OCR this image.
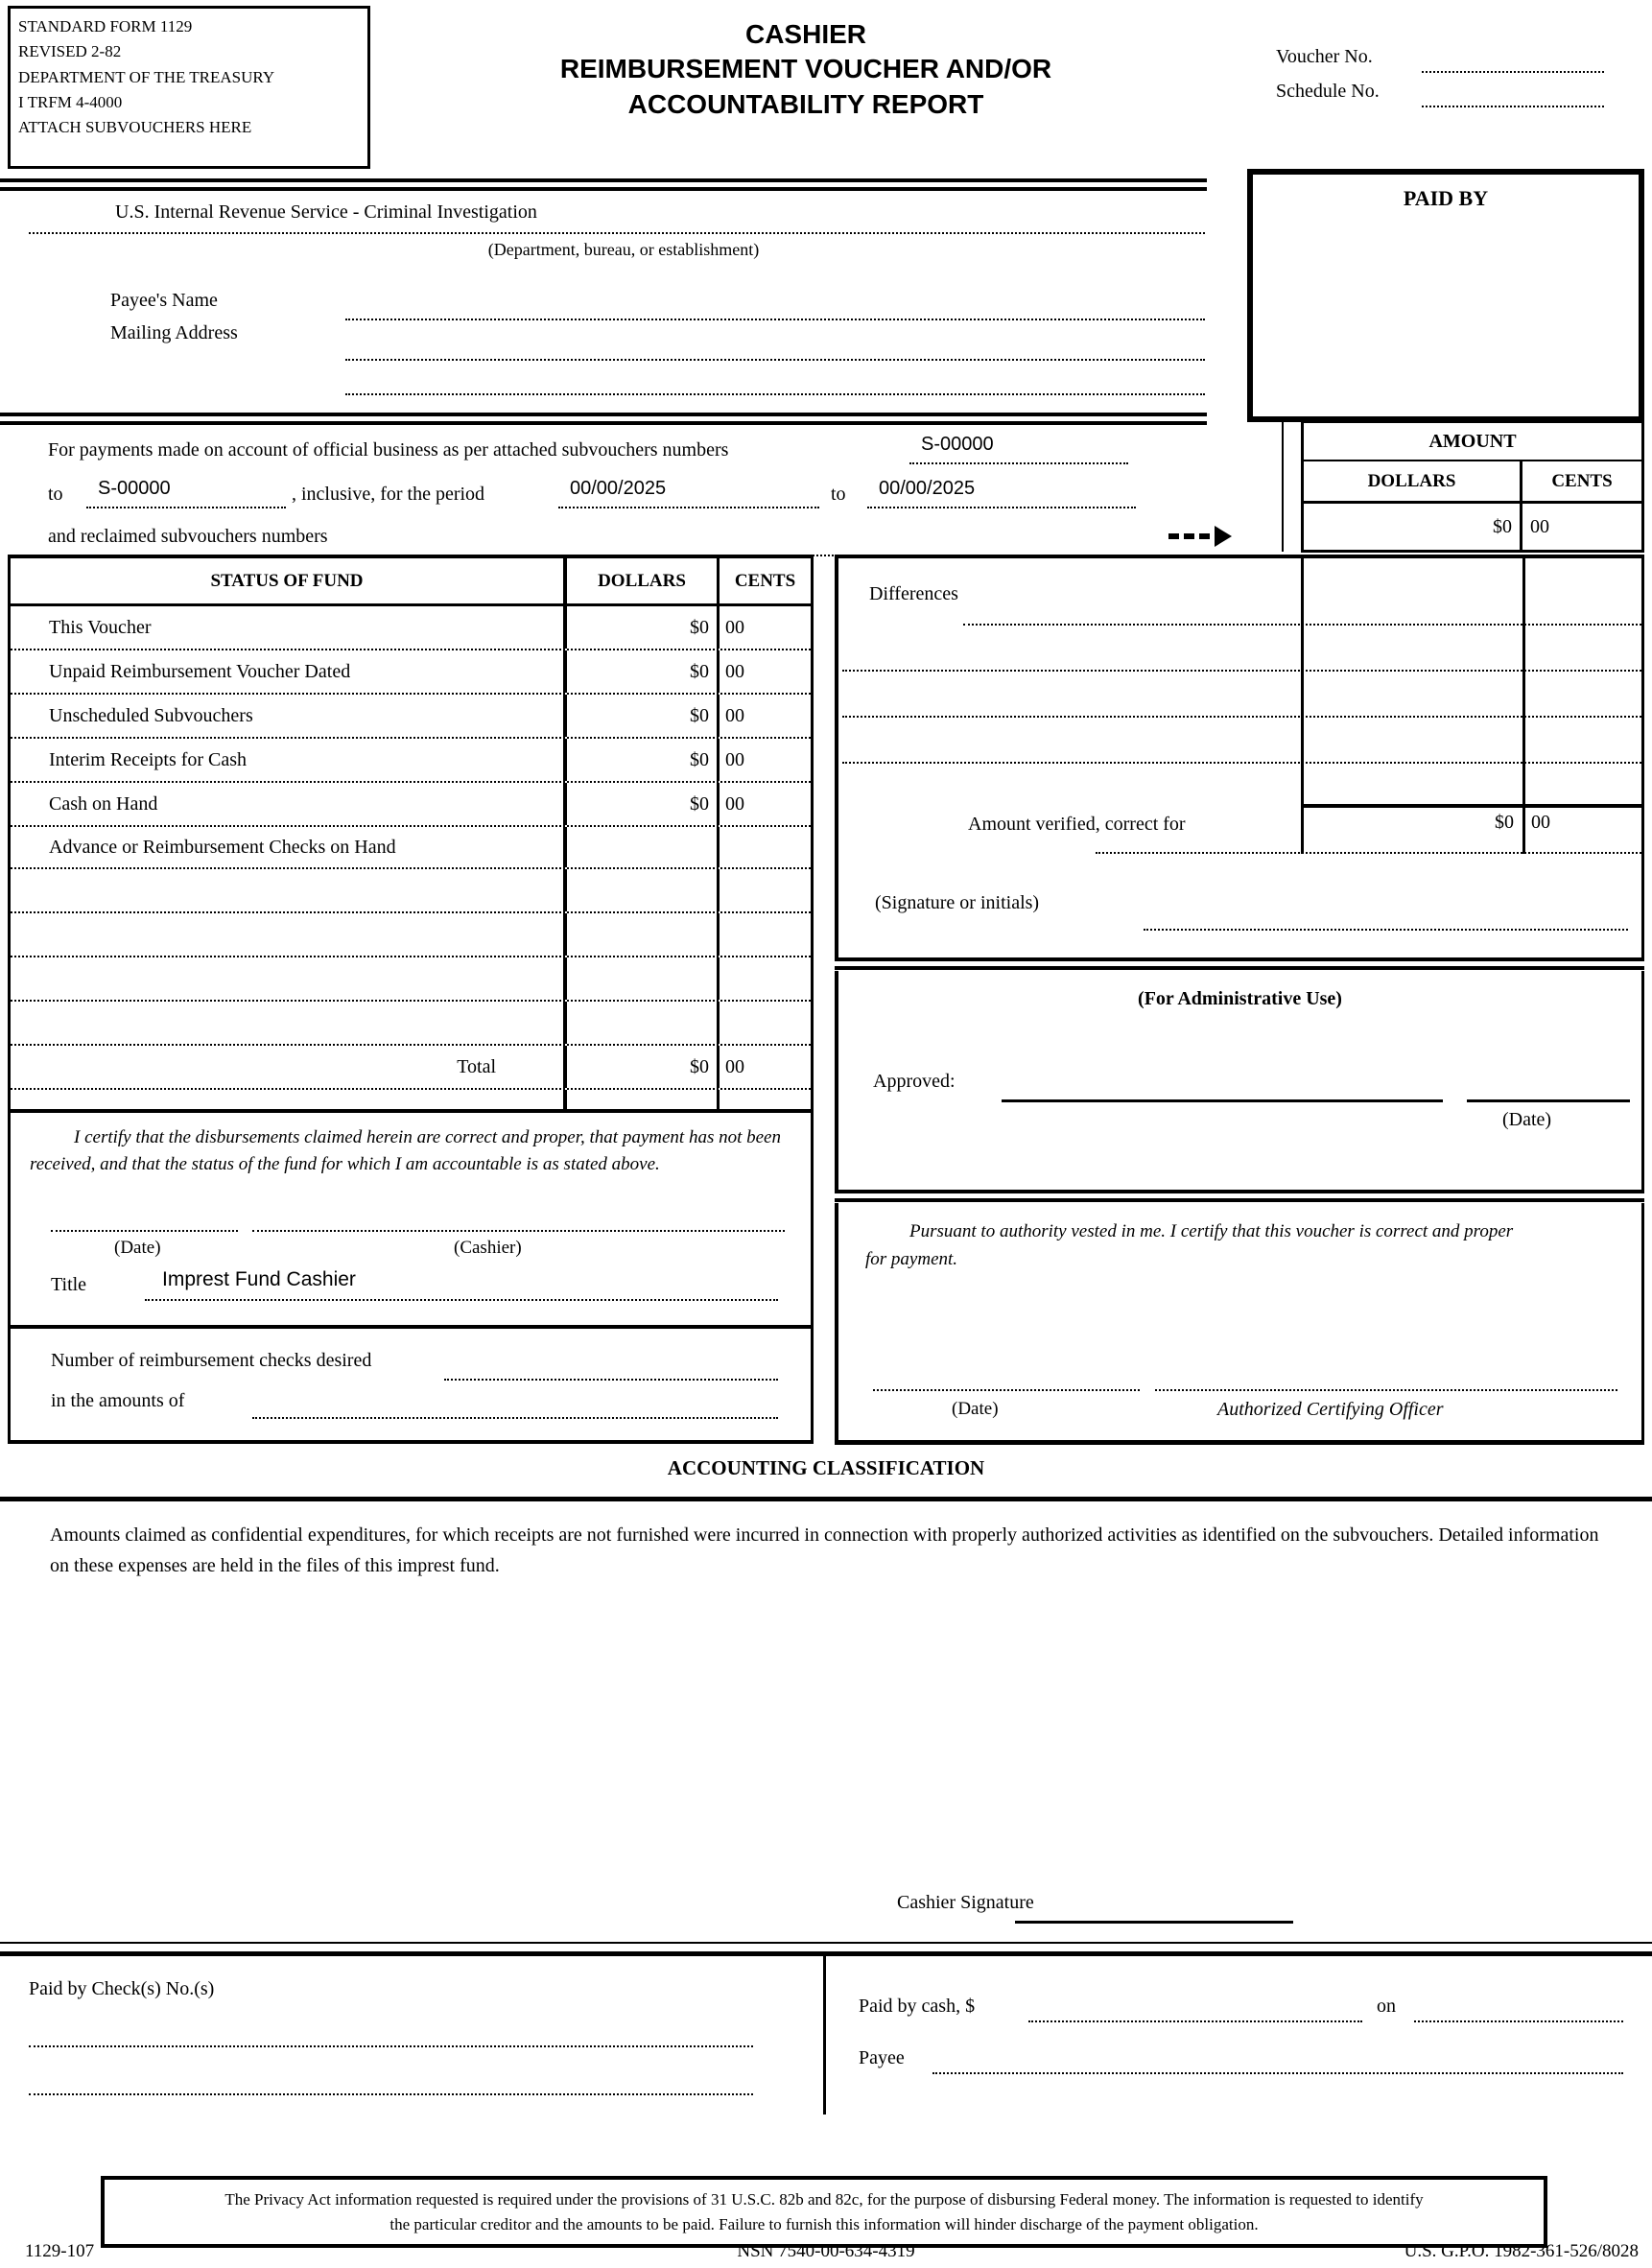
STANDARD FORM 1129
REVISED 2-82
DEPARTMENT OF THE TREASURY
I TRFM 4-4000
ATTACH SUBVOUCHERS HERE
CASHIER
REIMBURSEMENT VOUCHER AND/OR
ACCOUNTABILITY REPORT
Voucher No.
Schedule No.
PAID BY
U.S. Internal Revenue Service - Criminal Investigation
(Department, bureau, or establishment)
Payee's Name
Mailing Address
For payments made on account of official business as per attached subvouchers numbers	S-00000
to	S-00000	, inclusive, for the period	00/00/2025	to	00/00/2025
and reclaimed subvouchers numbers
AMOUNT
DOLLARS	CENTS
$0 00
STATUS OF FUND	DOLLARS	CENTS
This Voucher	$0 00
Unpaid Reimbursement Voucher Dated	$0 00
Unscheduled Subvouchers	$0 00
Interim Receipts for Cash	$0 00
Cash on Hand	$0 00
Advance or Reimbursement Checks on Hand
Total	$0 00
Differences
$0 00
Amount verified, correct for
(Signature or initials)
(For Administrative Use)
Approved:
(Date)
Pursuant to authority vested in me. I certify that this voucher is correct and proper for payment.
(Date)	Authorized Certifying Officer
I certify that the disbursements claimed herein are correct and proper, that payment has not been received, and that the status of the fund for which I am accountable is as stated above.
(Date)	(Cashier)
Title	Imprest Fund Cashier
Number of reimbursement checks desired
in the amounts of
ACCOUNTING CLASSIFICATION
Amounts claimed as confidential expenditures, for which receipts are not furnished were incurred in connection with properly authorized activities as identified on the subvouchers. Detailed information on these expenses are held in the files of this imprest fund.
Cashier Signature
Paid by Check(s) No.(s)
Paid by cash, $	on
Payee
The Privacy Act information requested is required under the provisions of 31 U.S.C. 82b and 82c, for the purpose of disbursing Federal money. The information is requested to identify
the particular creditor and the amounts to be paid. Failure to furnish this information will hinder discharge of the payment obligation.
1129-107	NSN 7540-00-634-4319	U.S. G.P.O. 1982-361-526/8028
